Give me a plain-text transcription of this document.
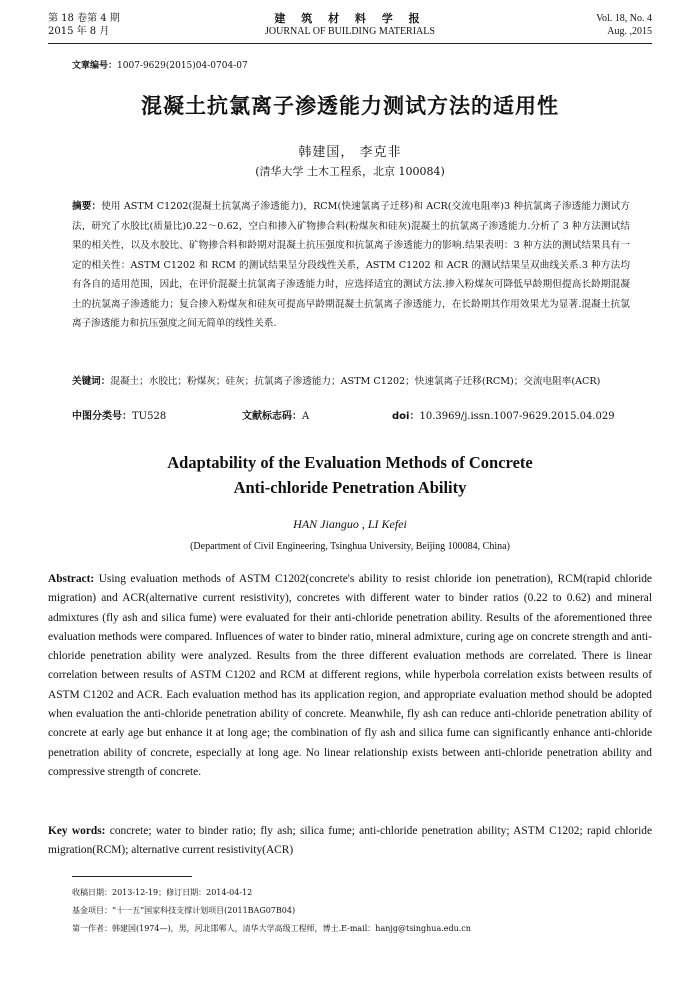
第 18 卷第 4 期
2015 年 8 月
建 筑 材 料 学 报
JOURNAL OF BUILDING MATERIALS
Vol. 18, No. 4
Aug. ,2015
文章编号：1007-9629(2015)04-0704-07
混凝土抗氯离子渗透能力测试方法的适用性
韩建国， 李克非
(清华大学 土木工程系，北京 100084)
摘要：使用 ASTM C1202(混凝土抗氯离子渗透能力)，RCM(快速氯离子迁移)和 ACR(交流电阻率)3 种抗氯离子渗透能力测试方法，研究了水胶比(质量比)0.22～0.62，空白和掺入矿物掺合料(粉煤灰和硅灰)混凝土的抗氯离子渗透能力.分析了 3 种方法测试结果的相关性，以及水胶比、矿物掺合料和龄期对混凝土抗压强度和抗氯离子渗透能力的影响.结果表明：3 种方法的测试结果具有一定的相关性：ASTM C1202 和 RCM 的测试结果呈分段线性关系，ASTM C1202 和 ACR 的测试结果呈双曲线关系.3 种方法均有各自的适用范围，因此，在评价混凝土抗氯离子渗透能力时，应选择适宜的测试方法.掺入粉煤灰可降低早龄期但提高长龄期混凝土的抗氯离子渗透能力；复合掺入粉煤灰和硅灰可提高早龄期混凝土抗氯离子渗透能力，在长龄期其作用效果尤为显著.混凝土抗氯离子渗透能力和抗压强度之间无简单的线性关系.
关键词：混凝土；水胶比；粉煤灰；硅灰；抗氯离子渗透能力；ASTM C1202；快速氯离子迁移(RCM)；交流电阻率(ACR)
中图分类号：TU528	文献标志码：A	doi：10.3969/j.issn.1007-9629.2015.04.029
Adaptability of the Evaluation Methods of Concrete
Anti-chloride Penetration Ability
HAN Jianguo , LI Kefei
(Department of Civil Engineering, Tsinghua University, Beijing 100084, China)
Abstract: Using evaluation methods of ASTM C1202(concrete's ability to resist chloride ion penetration), RCM(rapid chloride migration) and ACR(alternative current resistivity), concretes with different water to binder ratios (0.22 to 0.62) and mineral admixtures (fly ash and silica fume) were evaluated for their anti-chloride penetration ability. Results of the aforementioned three evaluation methods were compared. Influences of water to binder ratio, mineral admixture, curing age on concrete strength and anti-chloride penetration ability were analyzed. Results from the three different evaluation methods are correlated. There is linear correlation between results of ASTM C1202 and RCM at different regions, while hyperbola correlation exists between results of ASTM C1202 and ACR. Each evaluation method has its application region, and appropriate evaluation method should be adopted when evaluation the anti-chloride penetration ability of concrete. Meanwhile, fly ash can reduce anti-chloride penetration ability of concrete at early age but enhance it at long age; the combination of fly ash and silica fume can significantly enhance anti-chloride penetration ability of concrete, especially at long age. No linear relationship exists between anti-chloride penetration ability and compressive strength of concrete.
Key words: concrete; water to binder ratio; fly ash; silica fume; anti-chloride penetration ability; ASTM C1202; rapid chloride migration(RCM); alternative current resistivity(ACR)
收稿日期：2013-12-19；修订日期：2014-04-12
基金项目：“十一五”国家科技支撑计划项目(2011BAG07B04)
第一作者：韩建国(1974—)，男，河北邯郸人，清华大学高级工程师，博士.E-mail：hanjg@tsinghua.edu.cn
